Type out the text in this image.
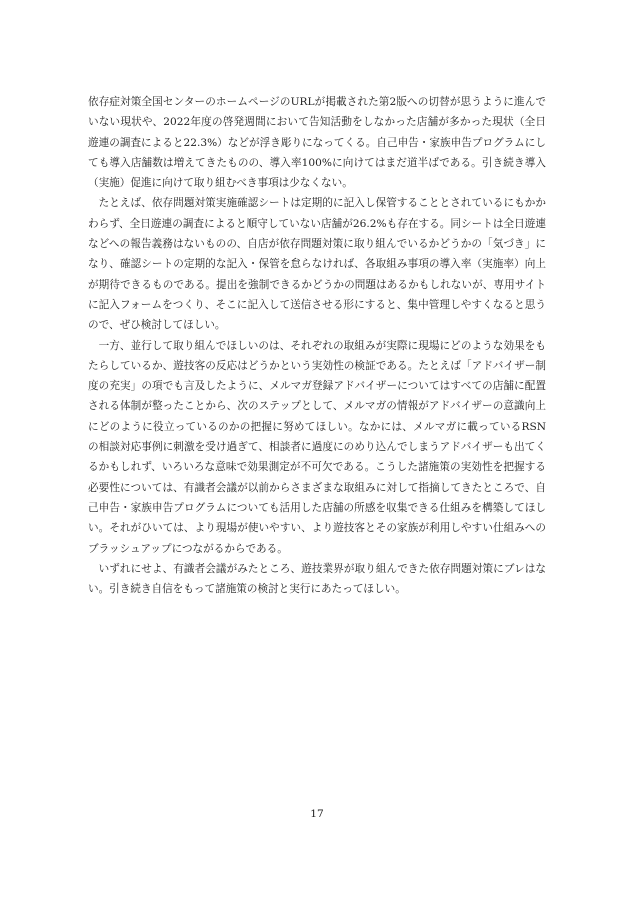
依存症対策全国センターのホームページのURLが掲載された第2版への切替が思うように進んでいない現状や、2022年度の啓発週間において告知活動をしなかった店舗が多かった現状（全日遊連の調査によると22.3%）などが浮き彫りになってくる。自己申告・家族申告プログラムにしても導入店舗数は増えてきたものの、導入率100%に向けてはまだ道半ばである。引き続き導入（実施）促進に向けて取り組むべき事項は少なくない。

たとえば、依存問題対策実施確認シートは定期的に記入し保管することとされているにもかかわらず、全日遊連の調査によると順守していない店舗が26.2%も存在する。同シートは全日遊連などへの報告義務はないものの、自店が依存問題対策に取り組んでいるかどうかの「気づき」になり、確認シートの定期的な記入・保管を怠らなければ、各取組み事項の導入率（実施率）向上が期待できるものである。提出を強制できるかどうかの問題はあるかもしれないが、専用サイトに記入フォームをつくり、そこに記入して送信させる形にすると、集中管理しやすくなると思うので、ぜひ検討してほしい。

一方、並行して取り組んでほしいのは、それぞれの取組みが実際に現場にどのような効果をもたらしているか、遊技客の反応はどうかという実効性の検証である。たとえば「アドバイザー制度の充実」の項でも言及したように、メルマガ登録アドバイザーについてはすべての店舗に配置される体制が整ったことから、次のステップとして、メルマガの情報がアドバイザーの意識向上にどのように役立っているのかの把握に努めてほしい。なかには、メルマガに載っているRSNの相談対応事例に刺激を受け過ぎて、相談者に過度にのめり込んでしまうアドバイザーも出てくるかもしれず、いろいろな意味で効果測定が不可欠である。こうした諸施策の実効性を把握する必要性については、有識者会議が以前からさまざまな取組みに対して指摘してきたところで、自己申告・家族申告プログラムについても活用した店舗の所感を収集できる仕組みを構築してほしい。それがひいては、より現場が使いやすい、より遊技客とその家族が利用しやすい仕組みへのブラッシュアップにつながるからである。

いずれにせよ、有識者会議がみたところ、遊技業界が取り組んできた依存問題対策にブレはない。引き続き自信をもって諸施策の検討と実行にあたってほしい。

17
